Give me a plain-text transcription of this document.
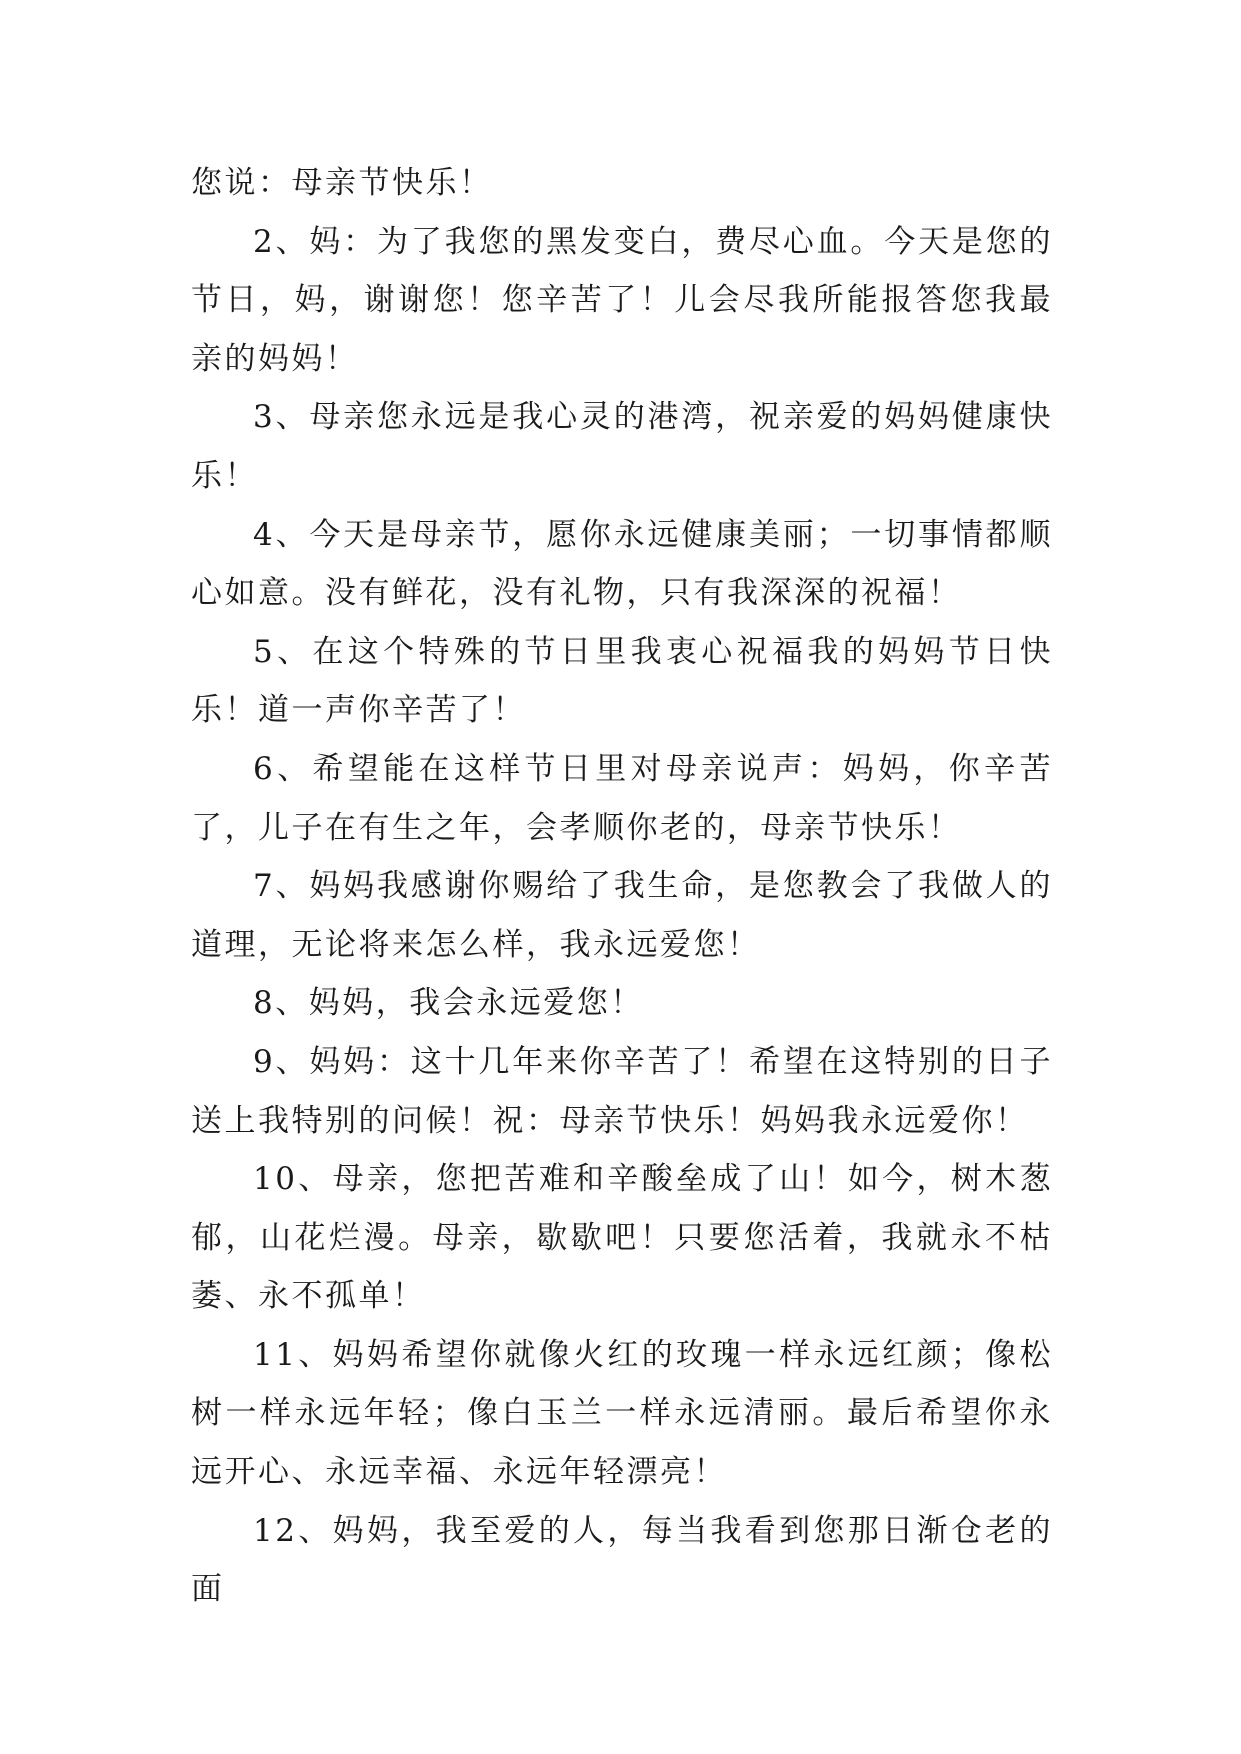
您说：母亲节快乐！

2、妈：为了我您的黑发变白，费尽心血。今天是您的节日，妈，谢谢您！您辛苦了！儿会尽我所能报答您我最亲的妈妈！

3、母亲您永远是我心灵的港湾，祝亲爱的妈妈健康快乐！

4、今天是母亲节，愿你永远健康美丽；一切事情都顺心如意。没有鲜花，没有礼物，只有我深深的祝福！

5、在这个特殊的节日里我衷心祝福我的妈妈节日快乐！道一声你辛苦了！

6、希望能在这样节日里对母亲说声：妈妈，你辛苦了，儿子在有生之年，会孝顺你老的，母亲节快乐！

7、妈妈我感谢你赐给了我生命，是您教会了我做人的道理，无论将来怎么样，我永远爱您！

8、妈妈，我会永远爱您！

9、妈妈：这十几年来你辛苦了！希望在这特别的日子送上我特别的问候！祝：母亲节快乐！妈妈我永远爱你！

10、母亲，您把苦难和辛酸垒成了山！如今，树木葱郁，山花烂漫。母亲，歇歇吧！只要您活着，我就永不枯萎、永不孤单！

11、妈妈希望你就像火红的玫瑰一样永远红颜；像松树一样永远年轻；像白玉兰一样永远清丽。最后希望你永远开心、永远幸福、永远年轻漂亮！

12、妈妈，我至爱的人，每当我看到您那日渐仓老的面
